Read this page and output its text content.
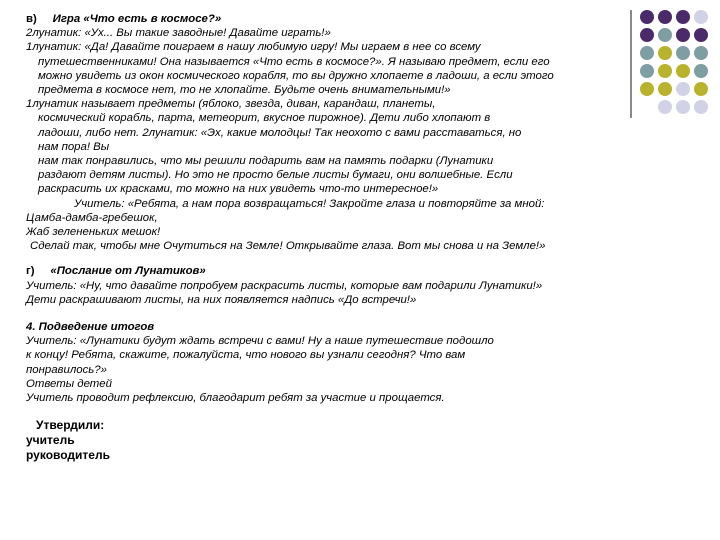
в) Игра «Что есть в космосе?»

2лунатик: «Ух... Вы такие заводные! Давайте играть!»

1лунатик: «Да! Давайте поиграем в нашу любимую игру! Мы играем в нее со всему

путешественниками! Она называется «Что есть в космосе?». Я называю предмет, если его

можно увидеть из окон космического корабля, то вы дружно хлопаете в ладоши, а если этого

предмета в космосе нет, то не хлопайте. Будьте очень внимательными!»

1лунатик называет предметы (яблоко, звезда, диван, карандаш, планеты,

космический корабль, парта, метеорит, вкусное пирожное). Дети либо хлопают в

ладоши, либо нет. 2лунатик: «Эх, какие молодцы! Так неохото с вами расставаться, но

нам пора! Вы

нам так понравились, что мы решили подарить вам на память подарки (Лунатики

раздают детям листы). Но это не просто белые листы бумаги, они волшебные. Если

раскрасить их красками, то можно на них увидеть что-то интересное!»

Учитель: «Ребята, а нам пора возвращаться! Закройте глаза и повторяйте за мной:

Цамба-дамба-гребешок,

Жаб зелененьких мешок!

Сделай так, чтобы мне Очутиться на Земле! Открывайте глаза. Вот мы снова и на Земле!»

г) «Послание от Лунатиков»

Учитель: «Ну, что давайте попробуем раскрасить листы, которые вам подарили Лунатики!»

Дети раскрашивают листы, на них появляется надпись «До встречи!»

4. Подведение итогов

Учитель: «Лунатики будут ждать встречи с вами! Ну а наше путешествие подошло

к концу! Ребята, скажите, пожалуйста, что нового вы узнали сегодня? Что вам

понравилось?»

Ответы детей

Учитель проводит рефлексию, благодарит ребят за участие и прощается.

Утвердили:

учитель

руководитель
